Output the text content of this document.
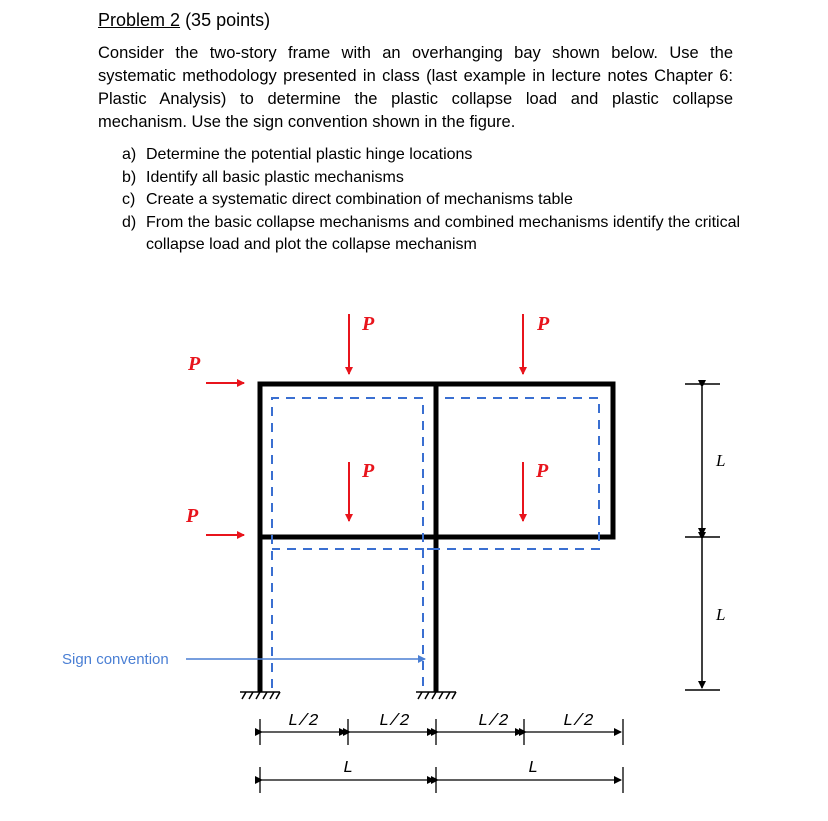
Problem 2 (35 points)
Consider the two-story frame with an overhanging bay shown below. Use the systematic methodology presented in class (last example in lecture notes Chapter 6: Plastic Analysis) to determine the plastic collapse load and plastic collapse mechanism. Use the sign convention shown in the figure.
a) Determine the potential plastic hinge locations
b) Identify all basic plastic mechanisms
c) Create a systematic direct combination of mechanisms table
d) From the basic collapse mechanisms and combined mechanisms identify the critical collapse load and plot the collapse mechanism
Sign convention
P
P
P	P
P	P	L
L
L/2	L/2	L/2	L/2
L	L
